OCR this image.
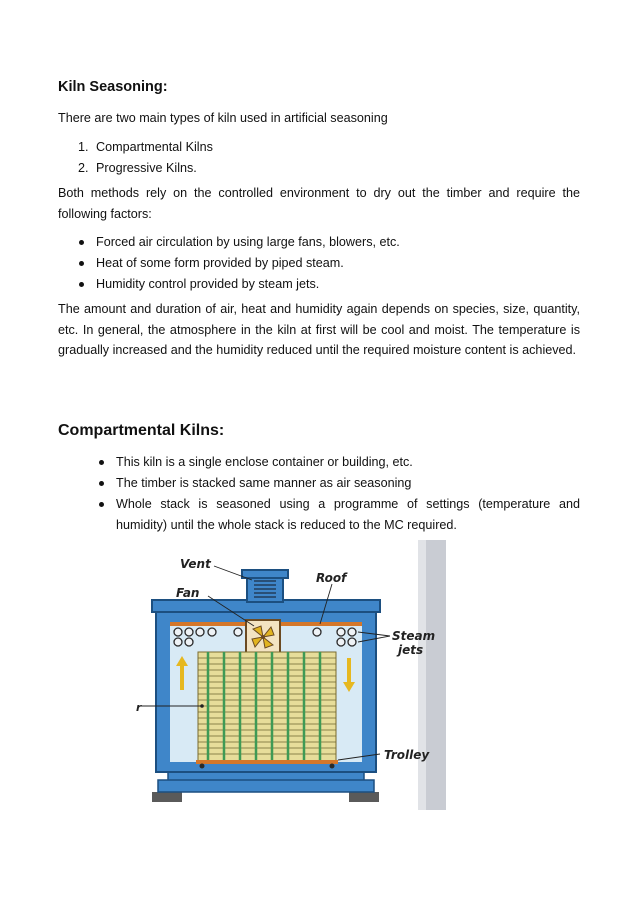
Kiln Seasoning:
There are two main types of kiln used in artificial seasoning
1. Compartmental Kilns
2. Progressive Kilns.
Both methods rely on the controlled environment to dry out the timber and require the following factors:
Forced air circulation by using large fans, blowers, etc.
Heat of some form provided by piped steam.
Humidity control provided by steam jets.
The amount and duration of air, heat and humidity again depends on species, size, quantity, etc. In general, the atmosphere in the kiln at first will be cool and moist. The temperature is gradually increased and the humidity reduced until the required moisture content is achieved.
Compartmental Kilns:
This kiln is a single enclose container or building, etc.
The timber is stacked same manner as air seasoning
Whole stack is seasoned using a programme of settings (temperature and humidity) until the whole stack is reduced to the MC required.
Vent
Fan
Roof
Steam
jets
Trolley
r
